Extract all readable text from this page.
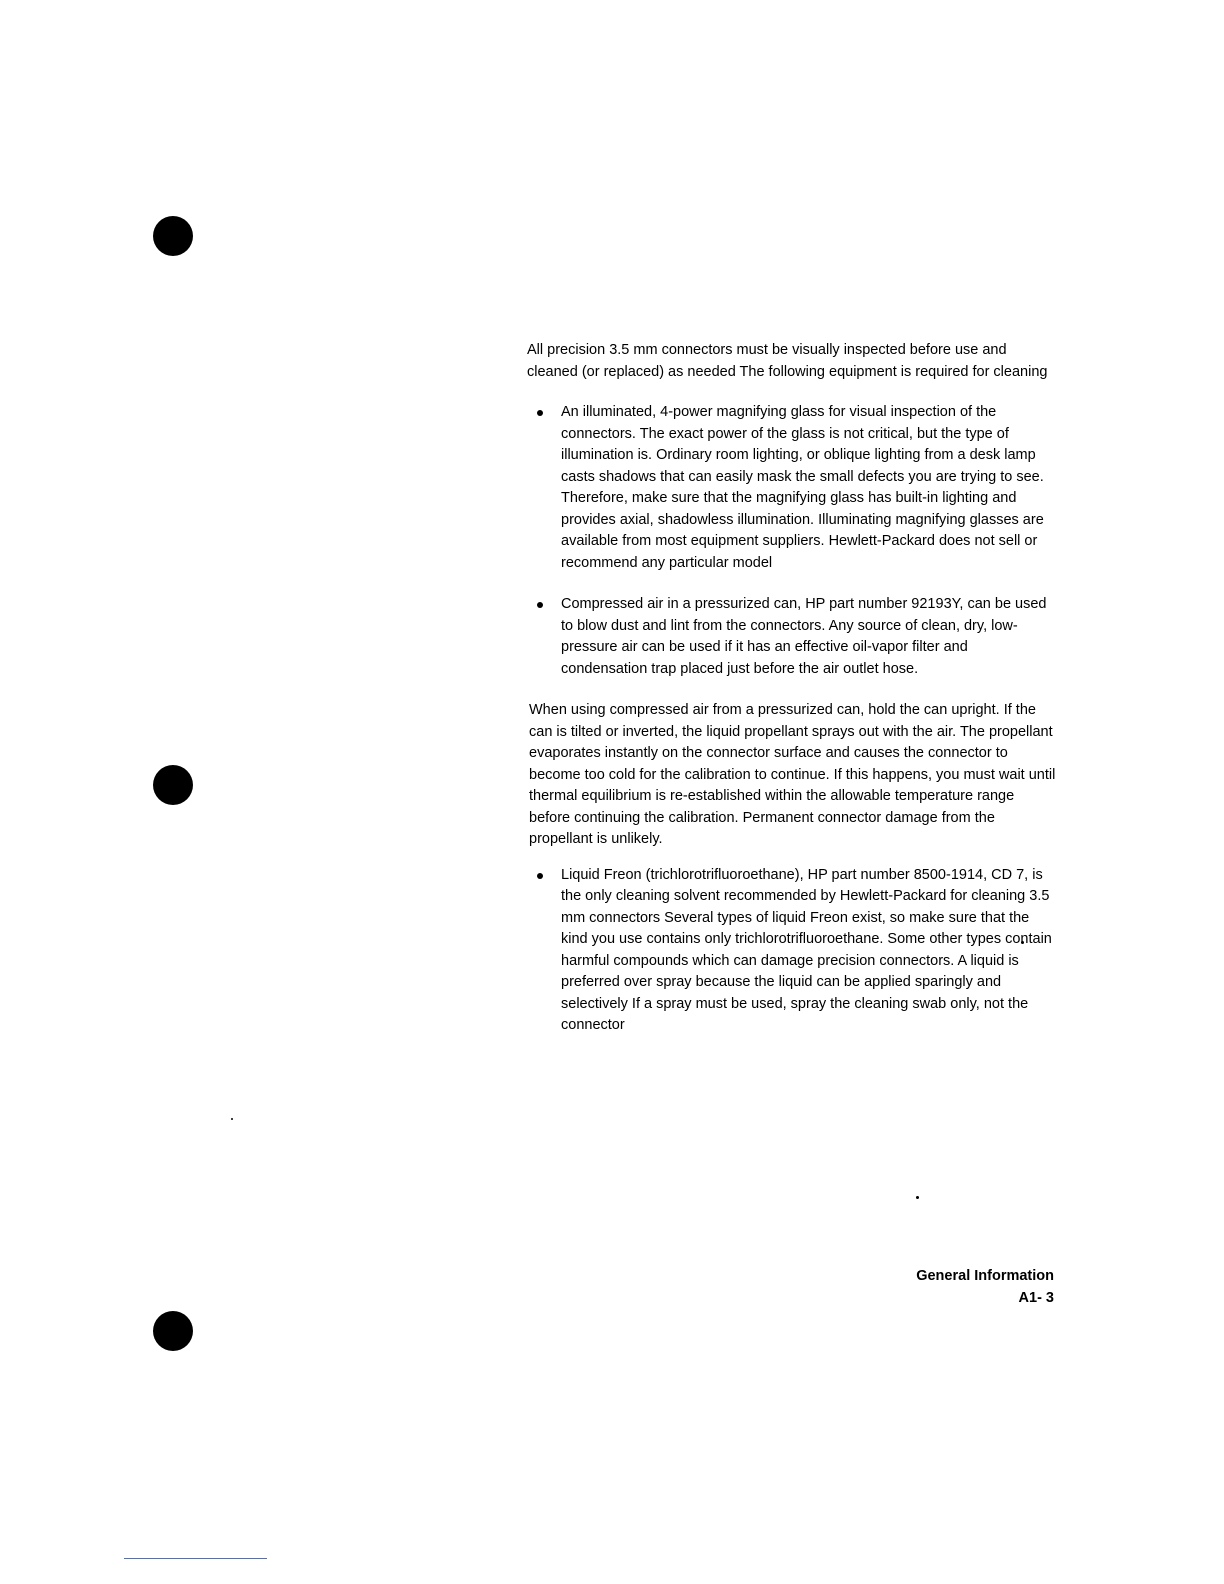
All precision 3.5 mm connectors must be visually inspected before use and cleaned (or replaced) as needed The following equipment is required for cleaning

An illuminated, 4-power magnifying glass for visual inspection of the connectors. The exact power of the glass is not critical, but the type of illumination is. Ordinary room lighting, or oblique lighting from a desk lamp casts shadows that can easily mask the small defects you are trying to see. Therefore, make sure that the magnifying glass has built-in lighting and provides axial, shadowless illumination. Illuminating magnifying glasses are available from most equipment suppliers. Hewlett-Packard does not sell or recommend any particular model
Compressed air in a pressurized can, HP part number 92193Y, can be used to blow dust and lint from the connectors. Any source of clean, dry, low-pressure air can be used if it has an effective oil-vapor filter and condensation trap placed just before the air outlet hose.

When using compressed air from a pressurized can, hold the can upright. If the can is tilted or inverted, the liquid propellant sprays out with the air. The propellant evaporates instantly on the connector surface and causes the connector to become too cold for the calibration to continue. If this happens, you must wait until thermal equilibrium is re-established within the allowable temperature range before continuing the calibration. Permanent connector damage from the propellant is unlikely.

Liquid Freon (trichlorotrifluoroethane), HP part number 8500-1914, CD 7, is the only cleaning solvent recommended by Hewlett-Packard for cleaning 3.5 mm connectors Several types of liquid Freon exist, so make sure that the kind you use contains only trichlorotrifluoroethane. Some other types contain harmful compounds which can damage precision connectors. A liquid is preferred over spray because the liquid can be applied sparingly and selectively If a spray must be used, spray the cleaning swab only, not the connector
General Information
A1- 3
